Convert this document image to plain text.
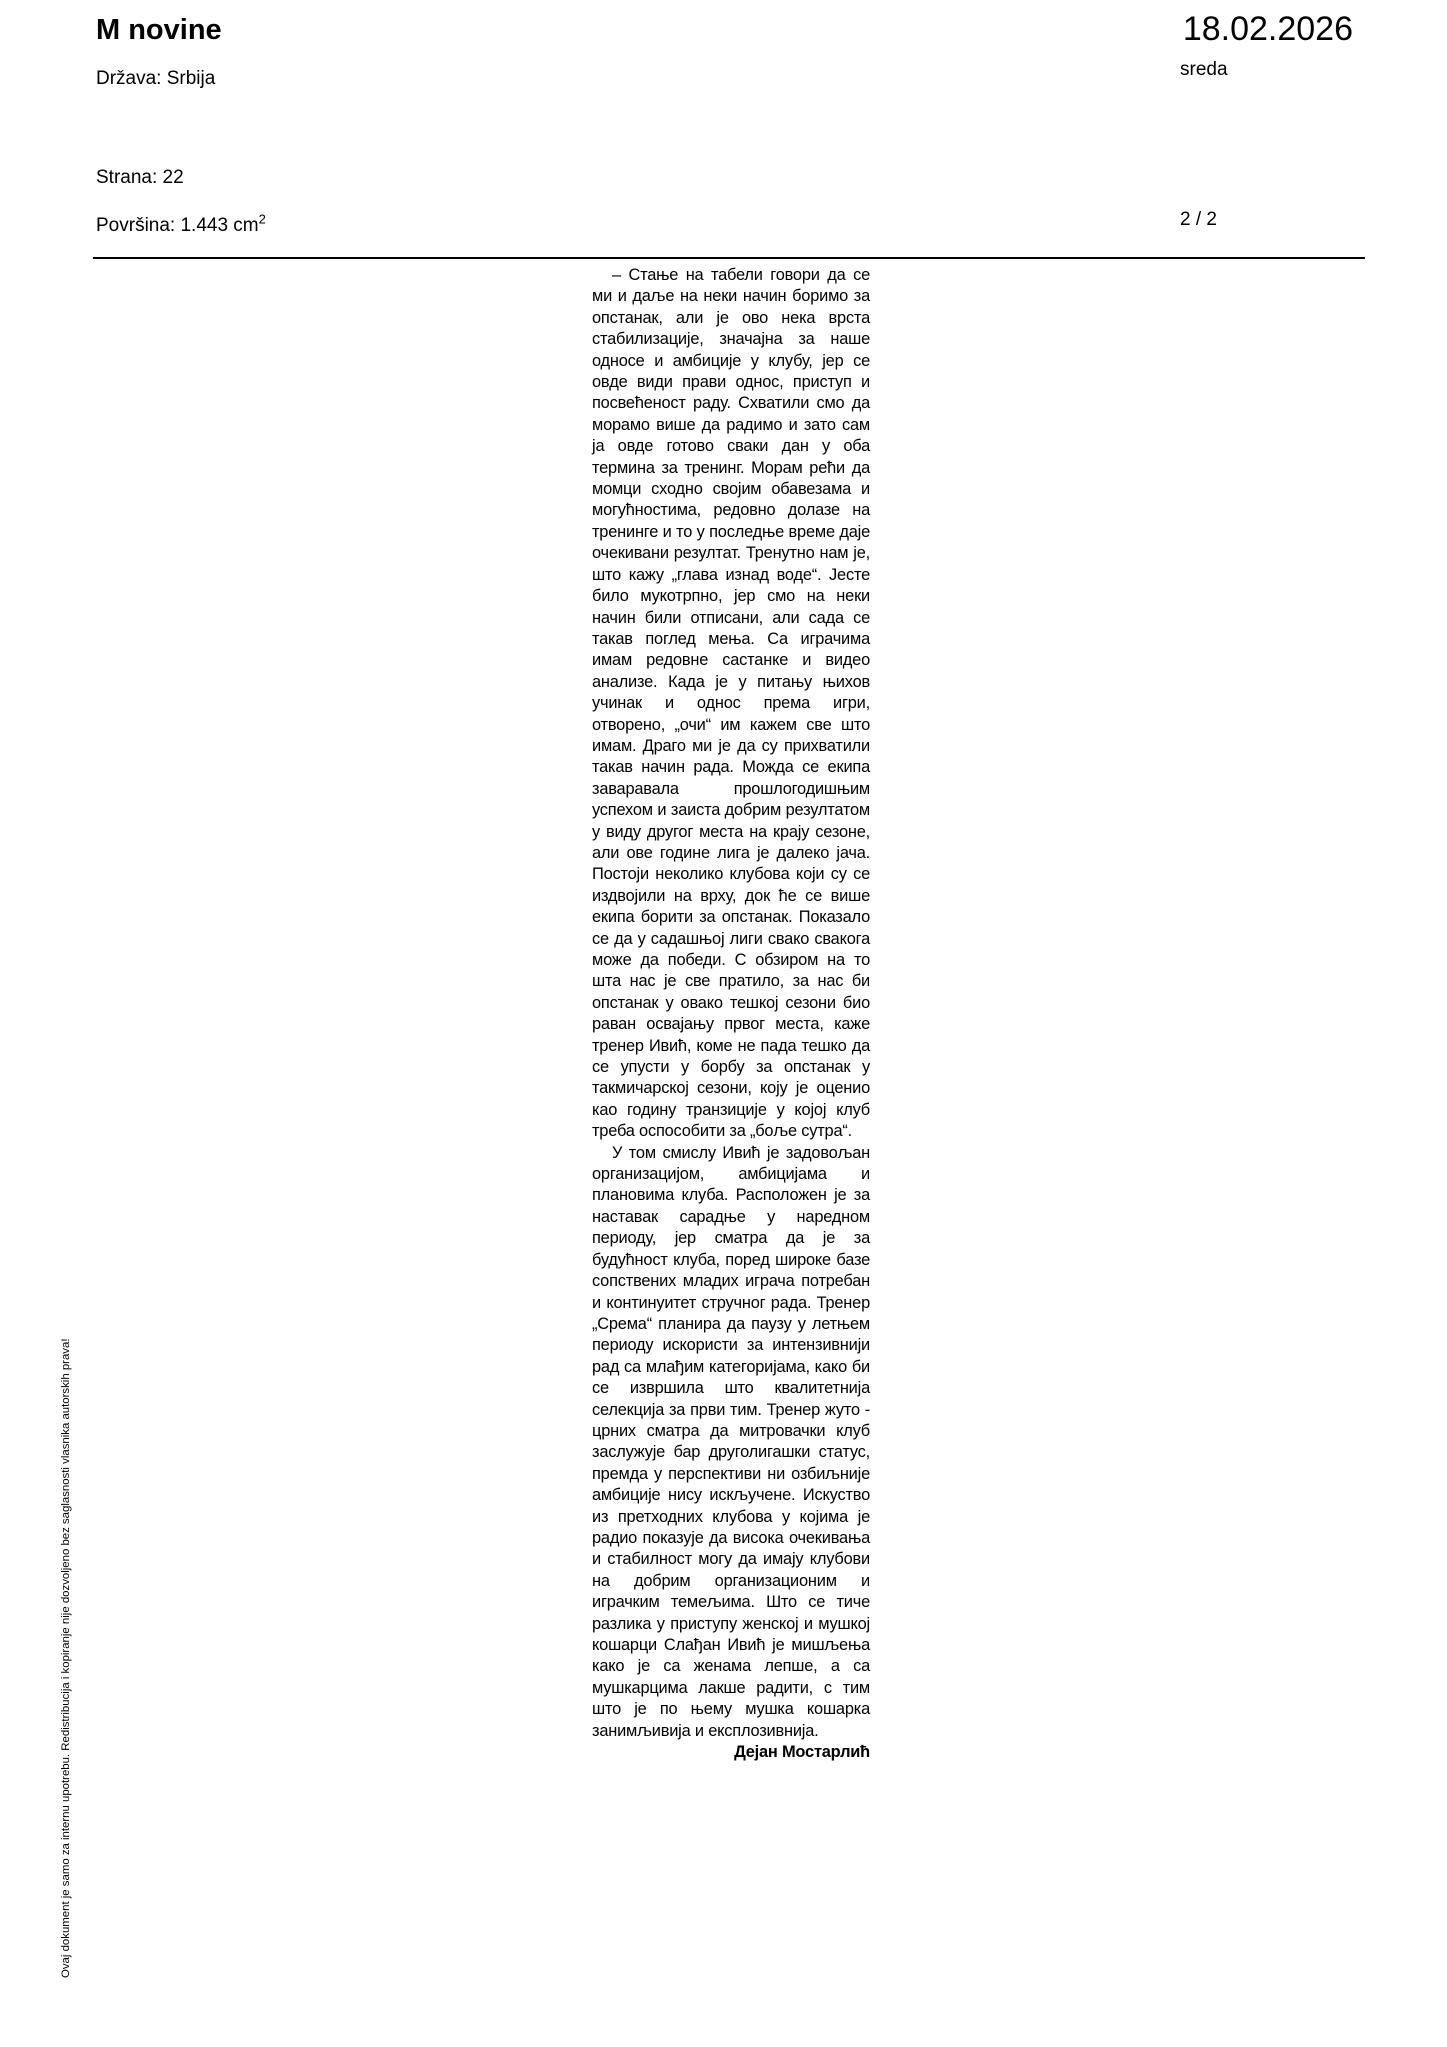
M novine
Država: Srbija
18.02.2026
sreda
Strana: 22
Površina: 1.443 $cm^2$	2 / 2

– Стање на табели говори да се ми и даље на неки начин боримо за опстанак, али је ово нека врста стабилизације, значајна за наше односе и амбиције у клубу, јер се овде види прави однос, приступ и посвећеност раду. Схватили смо да морамо више да радимо и зато сам ја овде готово сваки дан у оба термина за тренинг. Морам рећи да момци сходно својим обавезама и могућностима, редовно долазе на тренинге и то у последње време даје очекивани резултат. Тренутно нам је, што кажу „глава изнад воде“. Јесте било мукотрпно, јер смо на неки начин били отписани, али сада се такав поглед мења. Са играчима имам редовне састанке и видео анализе. Када је у питању њихов учинак и однос према игри, отворено, „очи“ им кажем све што имам. Драго ми је да су прихватили такав начин рада. Можда се екипа заваравала прошлогодишњим успехом и заиста добрим резултатом у виду другог места на крају сезоне, али ове године лига је далеко јача. Постоји неколико клубова који су се издвојили на врху, док ће се више екипа борити за опстанак. Показало се да у садашњој лиги свако свакога може да победи. С обзиром на то шта нас је све пратило, за нас би опстанак у овако тешкој сезони био раван освајању првог места, каже тренер Ивић, коме не пада тешко да се упусти у борбу за опстанак у такмичарској сезони, коју је оценио као годину транзиције у којој клуб треба оспособити за „боље сутра“.

У том смислу Ивић је задовољан организацијом, амбицијама и плановима клуба. Расположен је за наставак сарадње у наредном периоду, јер сматра да је за будућност клуба, поред широке базе сопствених младих играча потребан и континуитет стручног рада. Тренер „Срема“ планира да паузу у летњем периоду искористи за интензивнији рад са млађим категоријама, како би се извршила што квалитетнија селекција за први тим. Тренер жуто - црних сматра да митровачки клуб заслужује бар друголигашки статус, премда у перспективи ни озбиљније амбиције нису искључене. Искуство из претходних клубова у којима је радио показује да висока очекивања и стабилност могу да имају клубови на добрим организационим и играчким темељима. Што се тиче разлика у приступу женској и мушкој кошарци Слађан Ивић је мишљења како је са женама лепше, а са мушкарцима лакше радити, с тим што је по њему мушка кошарка занимљивија и експлозивнија.

Дејан Мостарлић

Ovaj dokument je samo za internu upotrebu. Redistribucija i kopiranje nije dozvoljeno bez saglasnosti vlasnika autorskih prava!
